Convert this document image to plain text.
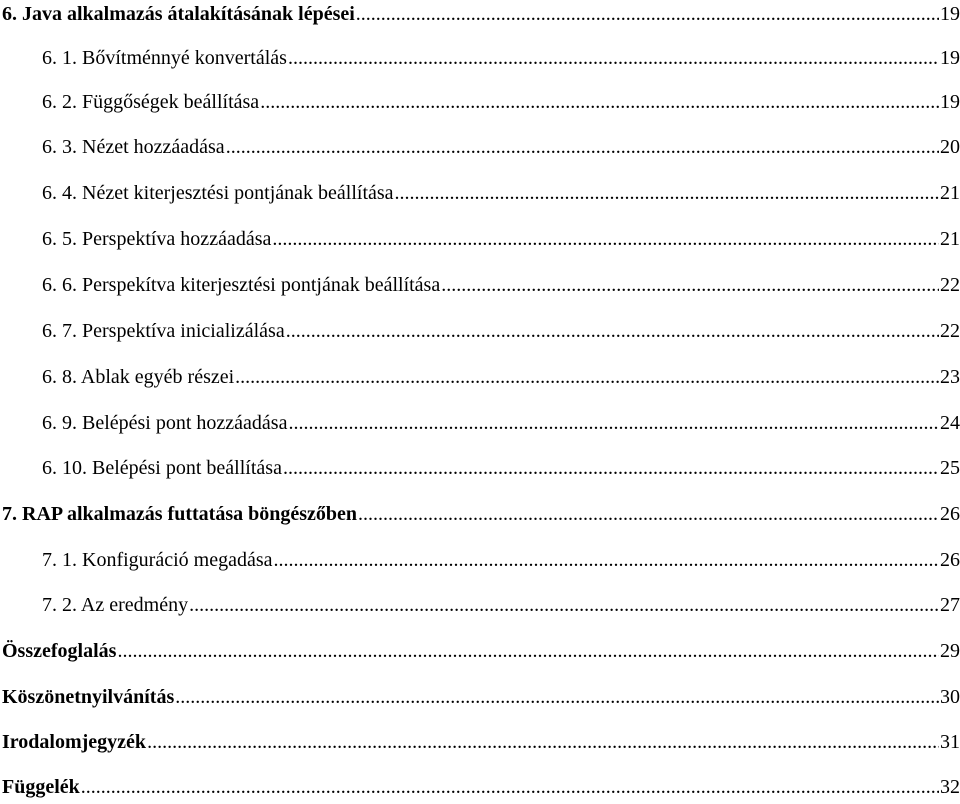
6. Java alkalmazás átalakításának lépései .....	19
6. 1. Bővítménnyé konvertálás .....	19
6. 2. Függőségek beállítása .....	19
6. 3. Nézet hozzáadása .....	20
6. 4. Nézet kiterjesztési pontjának beállítása .....	21
6. 5. Perspektíva hozzáadása .....	21
6. 6. Perspekítva kiterjesztési pontjának beállítása .....	22
6. 7. Perspektíva inicializálása .....	22
6. 8. Ablak egyéb részei .....	23
6. 9. Belépési pont hozzáadása .....	24
6. 10. Belépési pont beállítása .....	25
7. RAP alkalmazás futtatása böngészőben .....	26
7. 1. Konfiguráció megadása .....	26
7. 2. Az eredmény .....	27
Összefoglalás .....	29
Köszönetnyilvánítás .....	30
Irodalomjegyzék .....	31
Függelék .....	32
